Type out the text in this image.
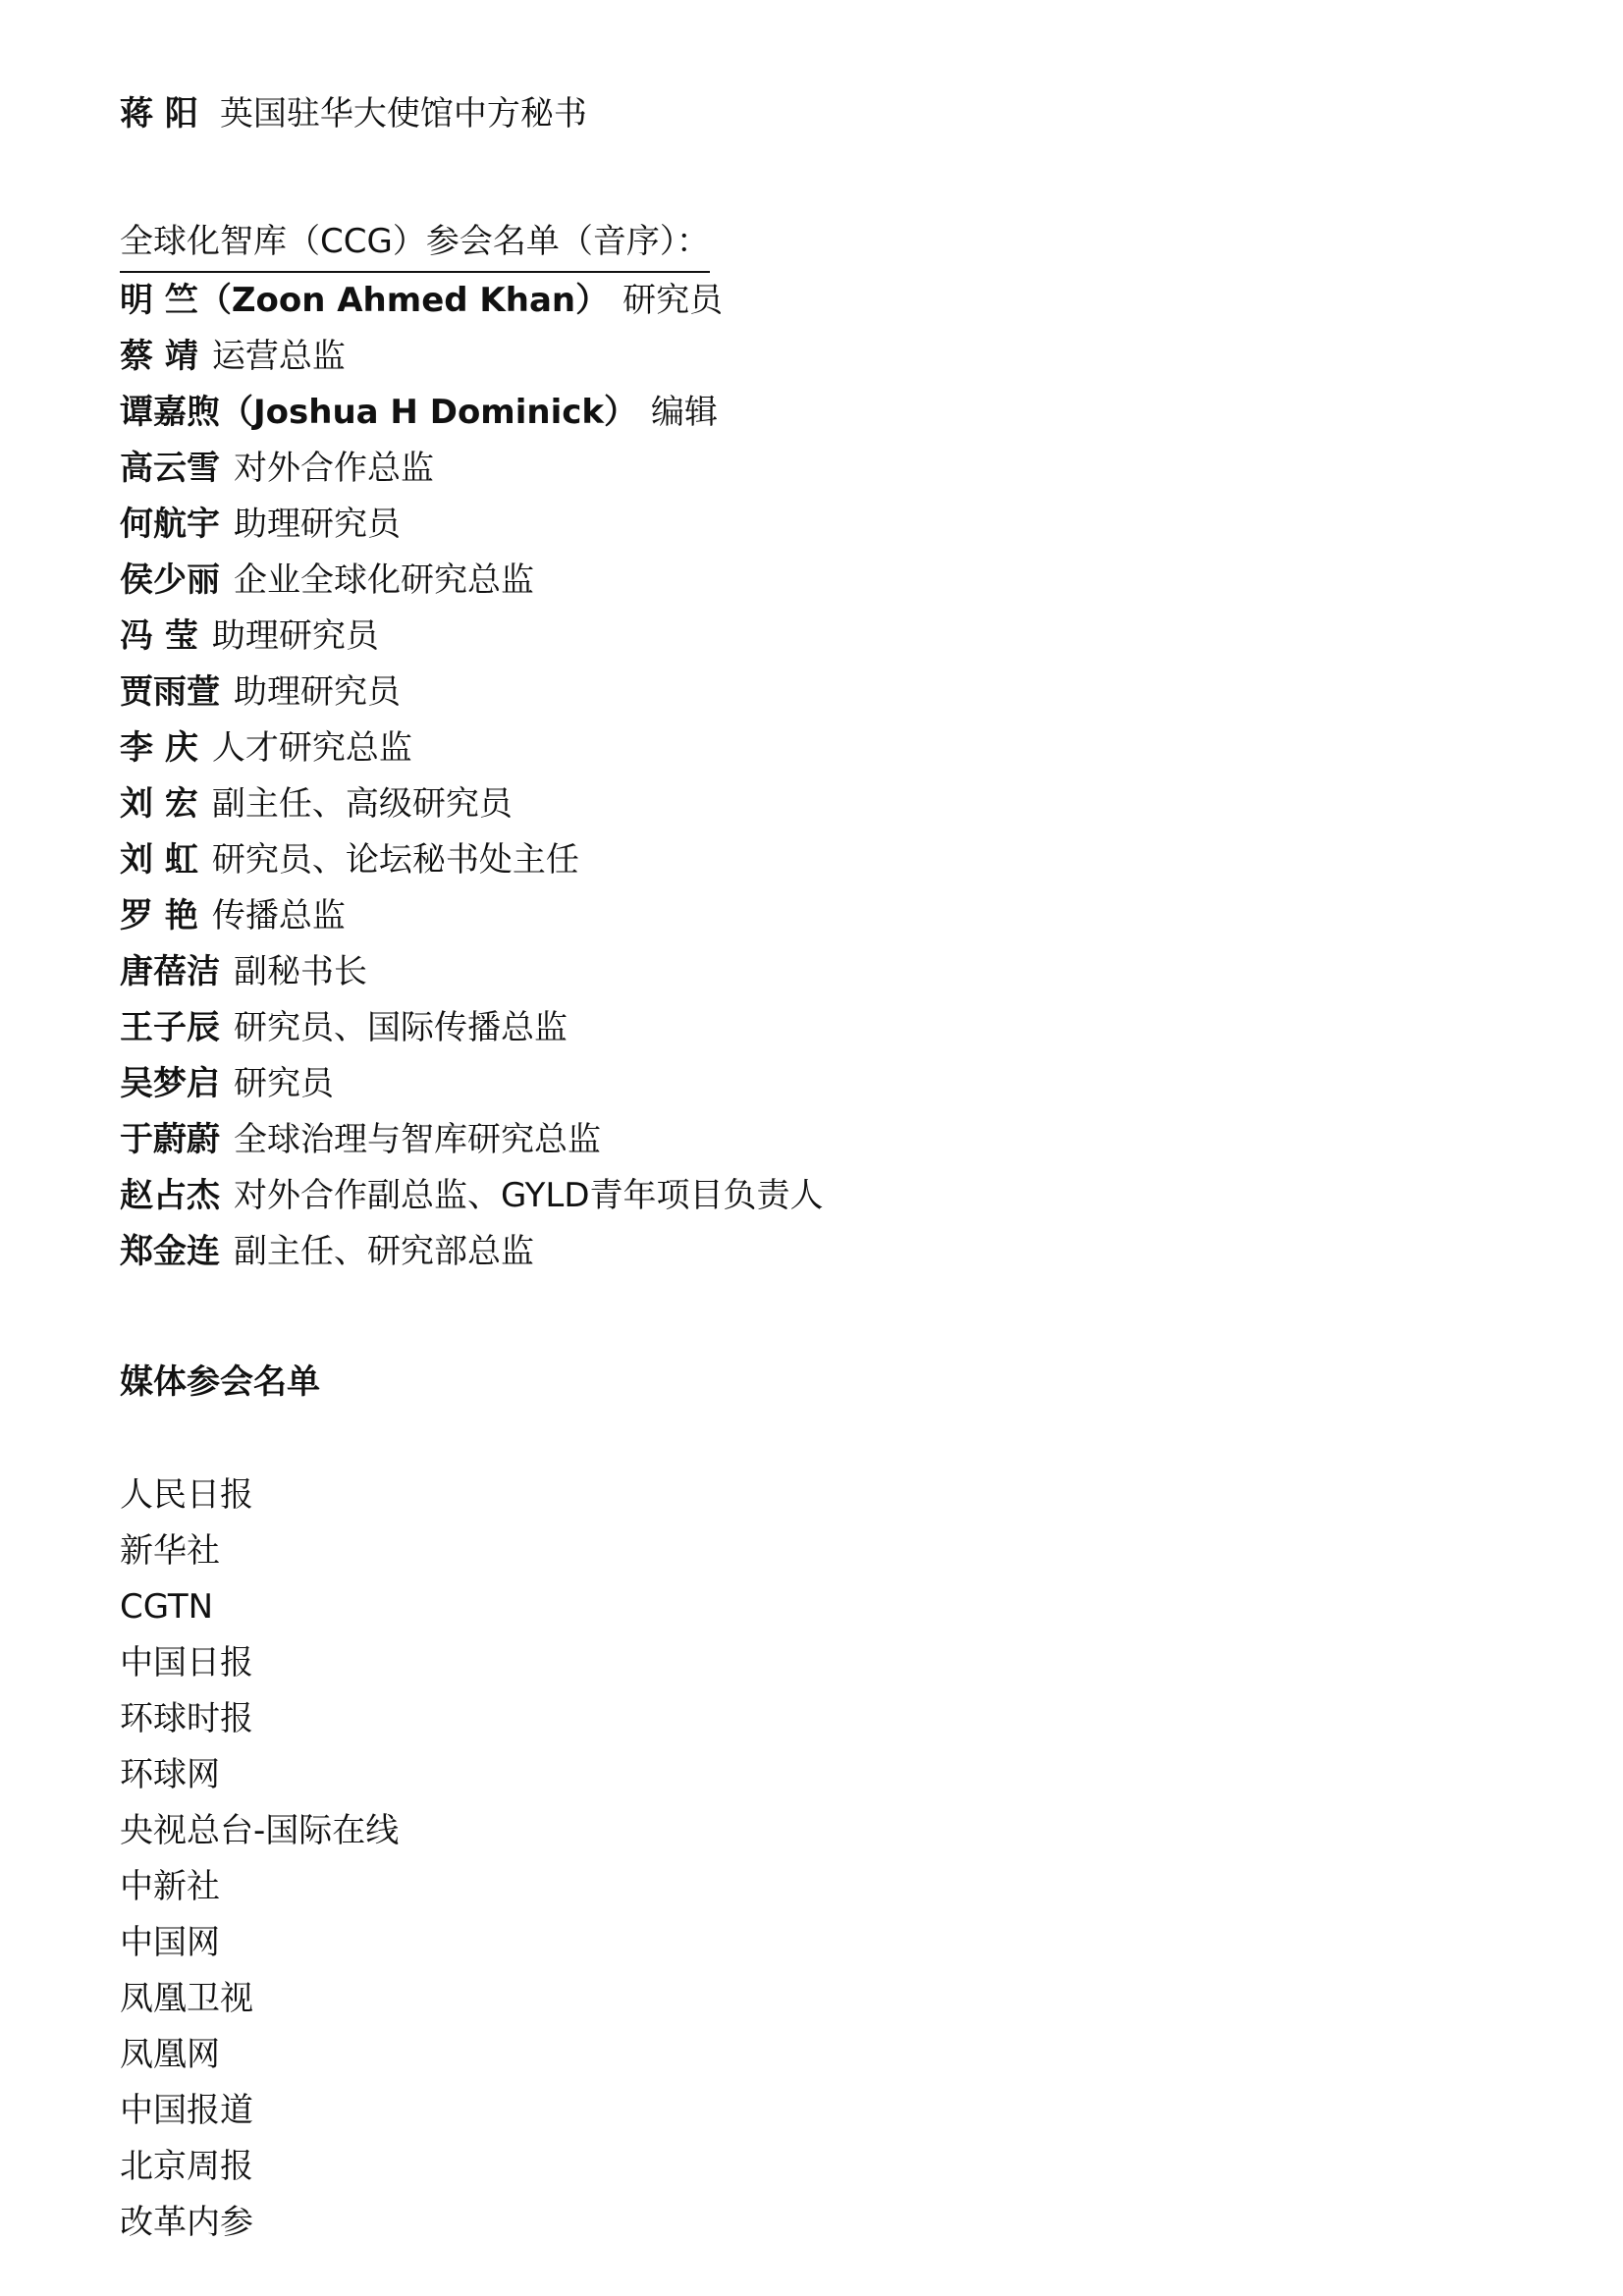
蒋 阳 英国驻华大使馆中方秘书
全球化智库（CCG）参会名单（音序）：
明 竺（Zoon Ahmed Khan） 研究员
蔡 靖 运营总监
谭嘉煦（Joshua H Dominick） 编辑
高云雪 对外合作总监
何航宇 助理研究员
侯少丽 企业全球化研究总监
冯 莹 助理研究员
贾雨萱 助理研究员
李 庆 人才研究总监
刘 宏 副主任、高级研究员
刘 虹 研究员、论坛秘书处主任
罗 艳 传播总监
唐蓓洁 副秘书长
王子辰 研究员、国际传播总监
吴梦启 研究员
于蔚蔚 全球治理与智库研究总监
赵占杰 对外合作副总监、GYLD青年项目负责人
郑金连 副主任、研究部总监
媒体参会名单
人民日报
新华社
CGTN
中国日报
环球时报
环球网
央视总台-国际在线
中新社
中国网
凤凰卫视
凤凰网
中国报道
北京周报
改革内参
